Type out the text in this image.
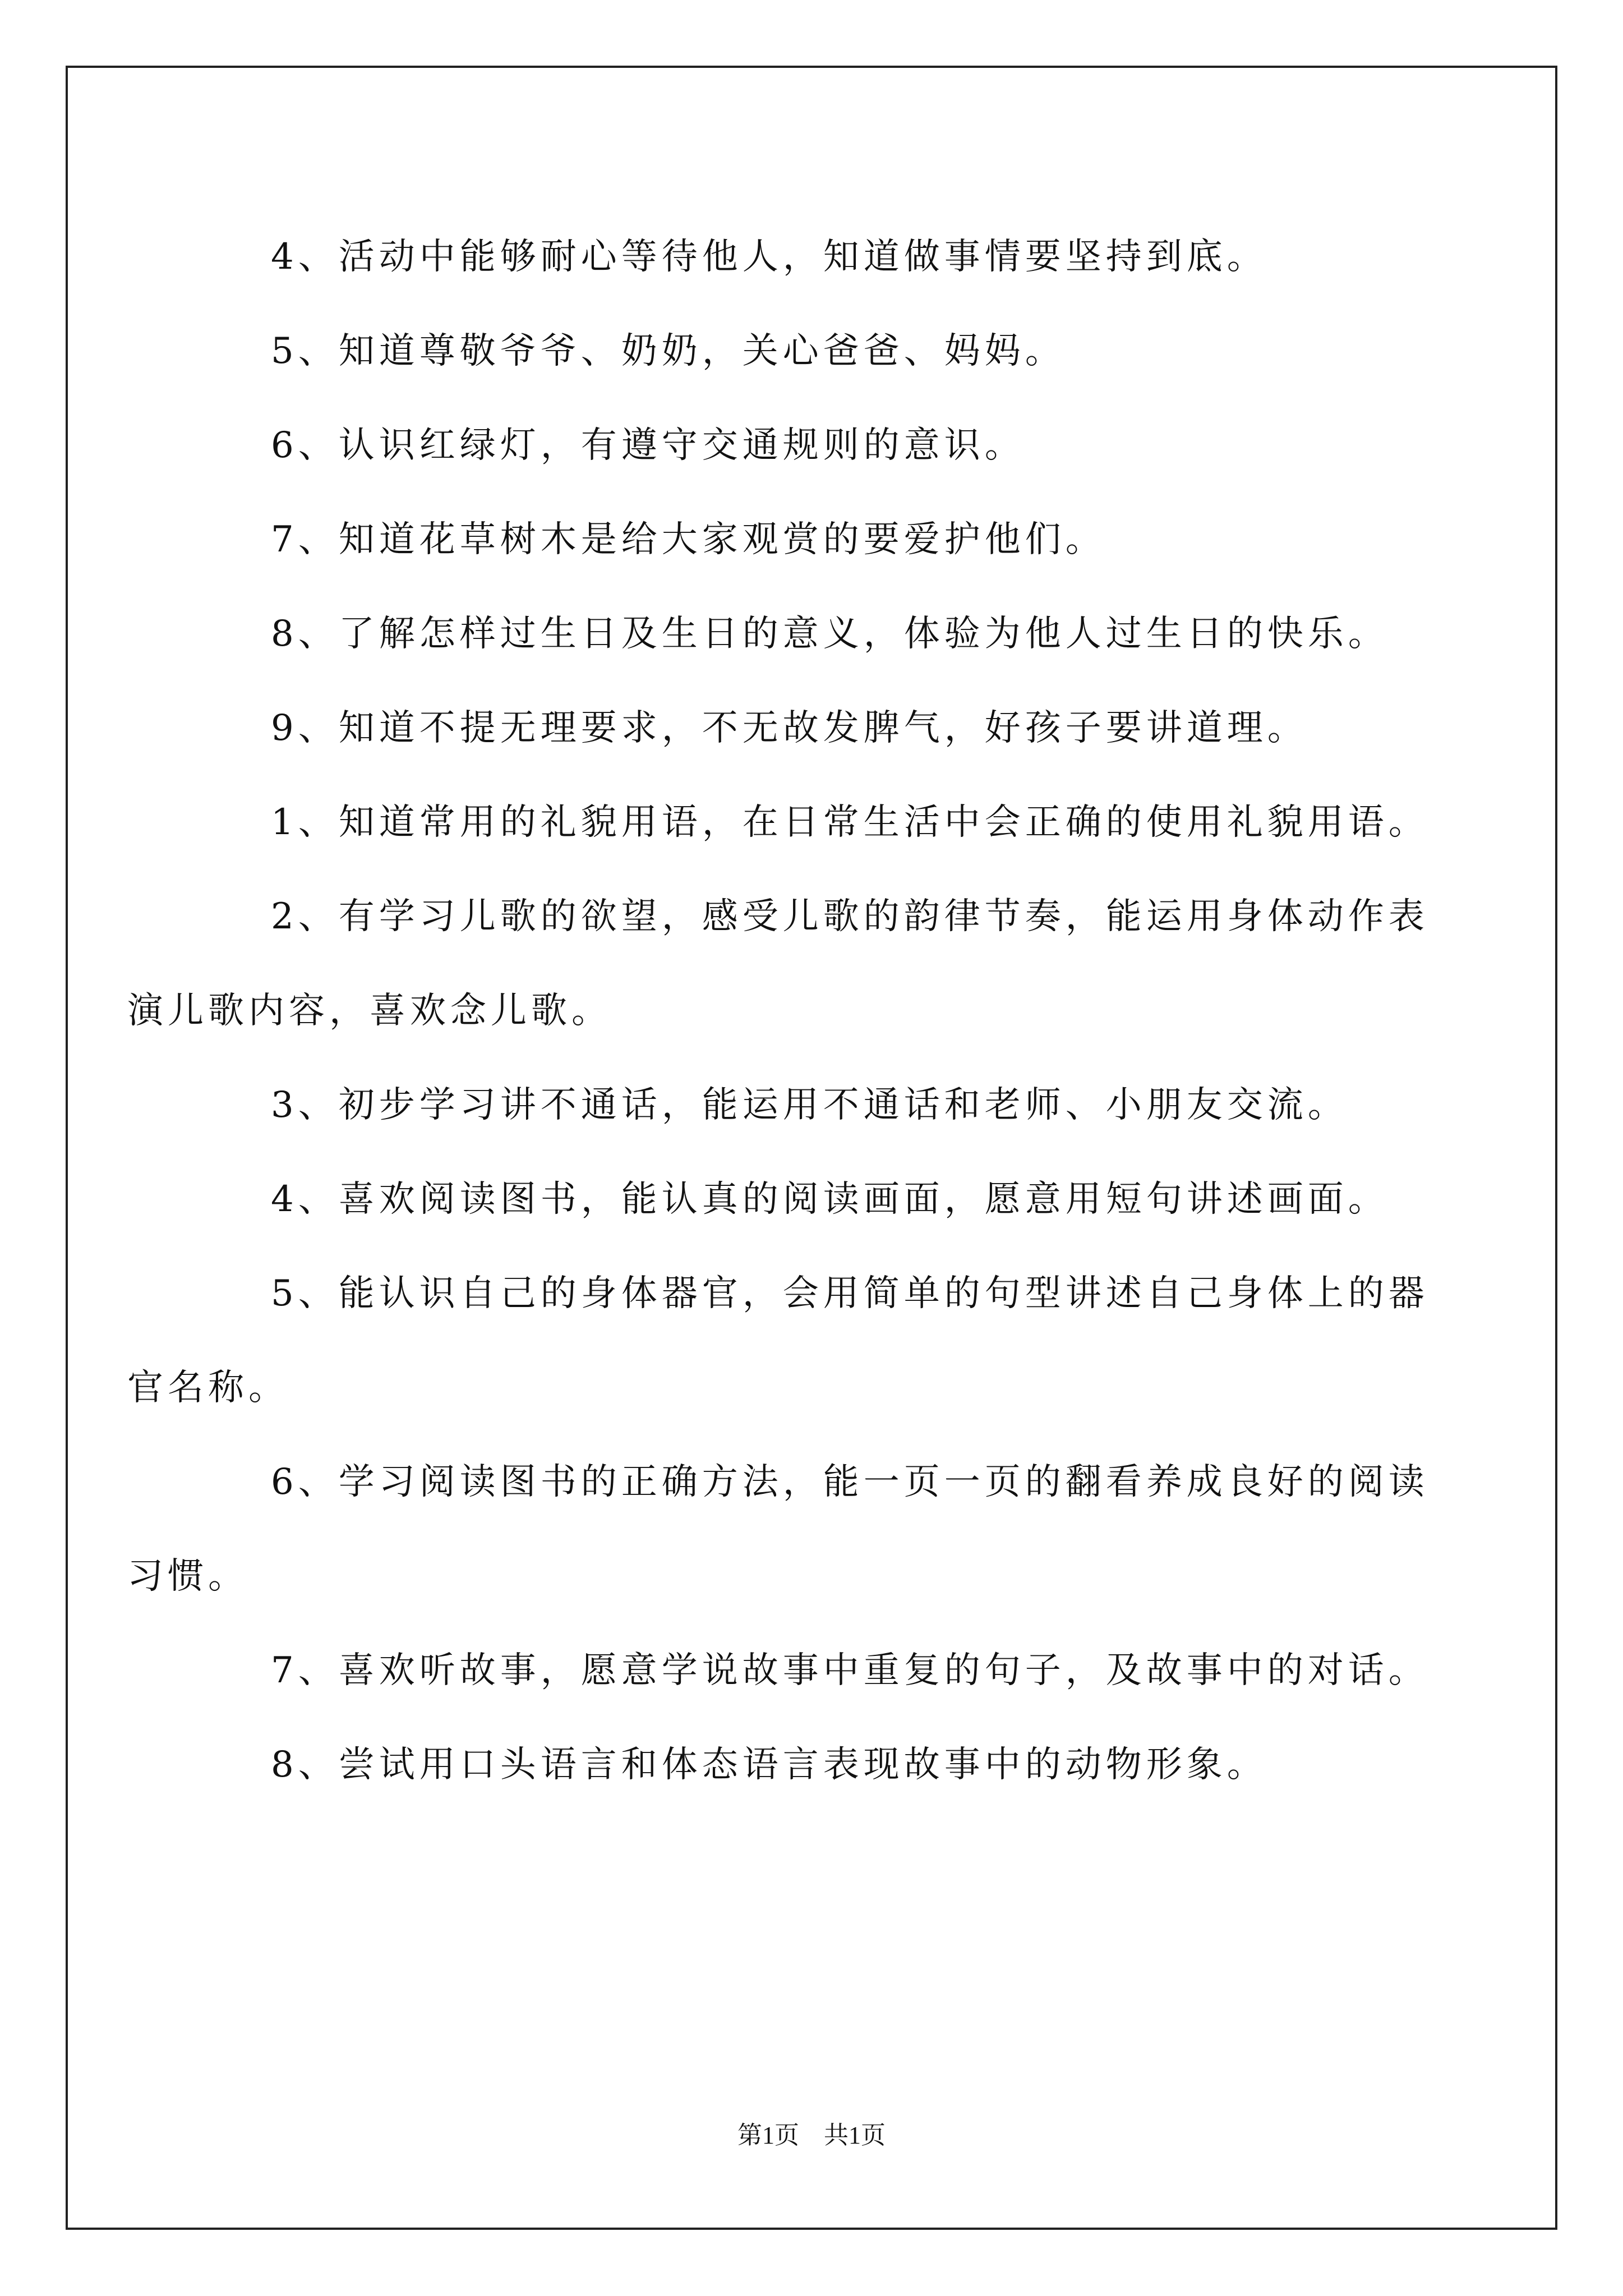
4、活动中能够耐心等待他人，知道做事情要坚持到底。
5、知道尊敬爷爷、奶奶，关心爸爸、妈妈。
6、认识红绿灯，有遵守交通规则的意识。
7、知道花草树木是给大家观赏的要爱护他们。
8、了解怎样过生日及生日的意义，体验为他人过生日的快乐。
9、知道不提无理要求，不无故发脾气，好孩子要讲道理。
1、知道常用的礼貌用语，在日常生活中会正确的使用礼貌用语。
2、有学习儿歌的欲望，感受儿歌的韵律节奏，能运用身体动作表
演儿歌内容，喜欢念儿歌。
3、初步学习讲不通话，能运用不通话和老师、小朋友交流。
4、喜欢阅读图书，能认真的阅读画面，愿意用短句讲述画面。
5、能认识自己的身体器官，会用简单的句型讲述自己身体上的器
官名称。
6、学习阅读图书的正确方法，能一页一页的翻看养成良好的阅读
习惯。
7、喜欢听故事，愿意学说故事中重复的句子，及故事中的对话。
8、尝试用口头语言和体态语言表现故事中的动物形象。
第1页　共1页
